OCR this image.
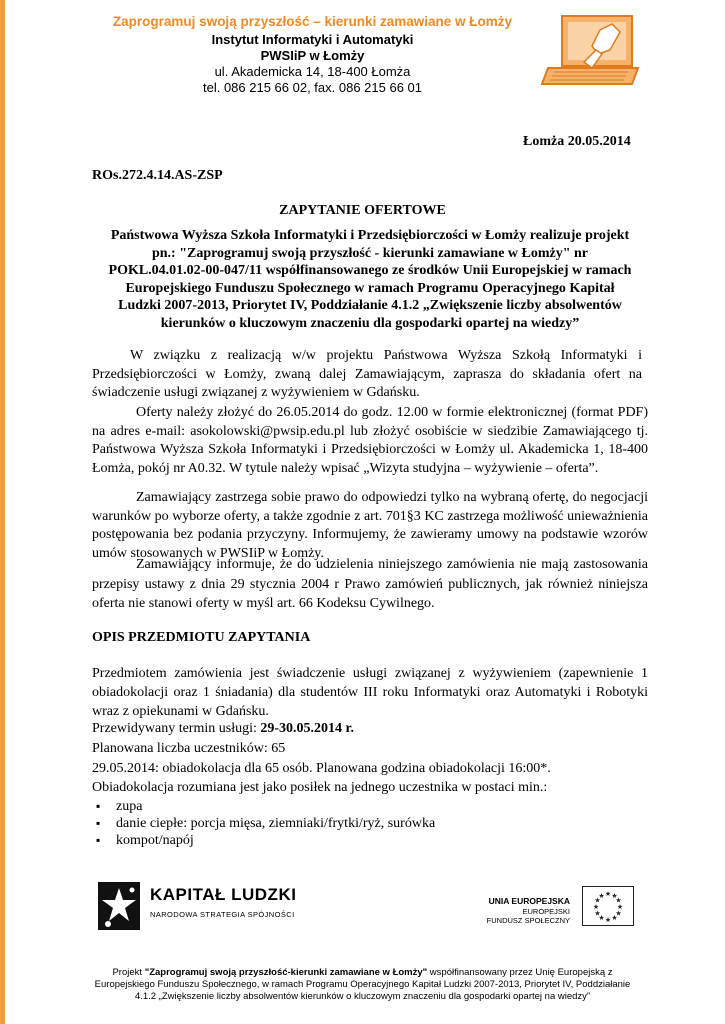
Zaprogramuj swoją przyszłość – kierunki zamawiane w Łomży
Instytut Informatyki i Automatyki
PWSIiP w Łomży
ul. Akademicka 14, 18-400 Łomża
tel. 086 215 66 02, fax. 086 215 66 01
Łomża 20.05.2014
ROs.272.4.14.AS-ZSP
ZAPYTANIE OFERTOWE
Państwowa Wyższa Szkoła Informatyki i Przedsiębiorczości w Łomży realizuje projekt
pn.: "Zaprogramuj swoją przyszłość - kierunki zamawiane w Łomży" nr
POKL.04.01.02-00-047/11 współfinansowanego ze środków Unii Europejskiej w ramach
Europejskiego Funduszu Społecznego w ramach Programu Operacyjnego Kapitał
Ludzki 2007-2013, Priorytet IV, Poddziałanie 4.1.2 „Zwiększenie liczby absolwentów
kierunków o kluczowym znaczeniu dla gospodarki opartej na wiedzy”
W związku z realizacją w/w projektu Państwowa Wyższa Szkołą Informatyki i Przedsiębiorczości w Łomży, zwaną dalej Zamawiającym, zaprasza do składania ofert na świadczenie usługi związanej z wyżywieniem w Gdańsku.
Oferty należy złożyć do 26.05.2014 do godz. 12.00 w formie elektronicznej (format PDF) na adres e-mail: asokolowski@pwsip.edu.pl lub złożyć osobiście w siedzibie Zamawiającego tj. Państwowa Wyższa Szkoła Informatyki i Przedsiębiorczości w Łomży ul. Akademicka 1, 18-400 Łomża, pokój nr A0.32. W tytule należy wpisać „Wizyta studyjna – wyżywienie – oferta”.
Zamawiający zastrzega sobie prawo do odpowiedzi tylko na wybraną ofertę, do negocjacji warunków po wyborze oferty, a także zgodnie z art. 701§3 KC zastrzega możliwość unieważnienia postępowania bez podania przyczyny. Informujemy, że zawieramy umowy na podstawie wzorów umów stosowanych w PWSIiP w Łomży.
Zamawiający informuje, że do udzielenia niniejszego zamówienia nie mają zastosowania przepisy ustawy z dnia 29 stycznia 2004 r Prawo zamówień publicznych, jak również niniejsza oferta nie stanowi oferty w myśl art. 66 Kodeksu Cywilnego.
OPIS PRZEDMIOTU ZAPYTANIA
Przedmiotem zamówienia jest świadczenie usługi związanej z wyżywieniem (zapewnienie 1 obiadokolacji oraz 1 śniadania) dla studentów III roku Informatyki oraz Automatyki i Robotyki wraz z opiekunami w Gdańsku.
Przewidywany termin usługi: 29-30.05.2014 r.
Planowana liczba uczestników: 65
29.05.2014: obiadokolacja dla 65 osób. Planowana godzina obiadokolacji 16:00*.
Obiadokolacja rozumiana jest jako posiłek na jednego uczestnika w postaci min.:
▪ zupa
▪ danie ciepłe: porcja mięsa, ziemniaki/frytki/ryż, surówka
▪ kompot/napój
KAPITAŁ LUDZKI
NARODOWA STRATEGIA SPÓJNOŚCI
UNIA EUROPEJSKA
EUROPEJSKI
FUNDUSZ SPOŁECZNY
★ ★
★
★
★
★
★
★
★
★
★
★
Projekt "Zaprogramuj swoją przyszłość-kierunki zamawiane w Łomży" współfinansowany przez Unię Europejską z
Europejskiego Funduszu Społecznego, w ramach Programu Operacyjnego Kapitał Ludzki 2007-2013, Priorytet IV, Poddziałanie
4.1.2 „Zwiększenie liczby absolwentów kierunków o kluczowym znaczeniu dla gospodarki opartej na wiedzy”
